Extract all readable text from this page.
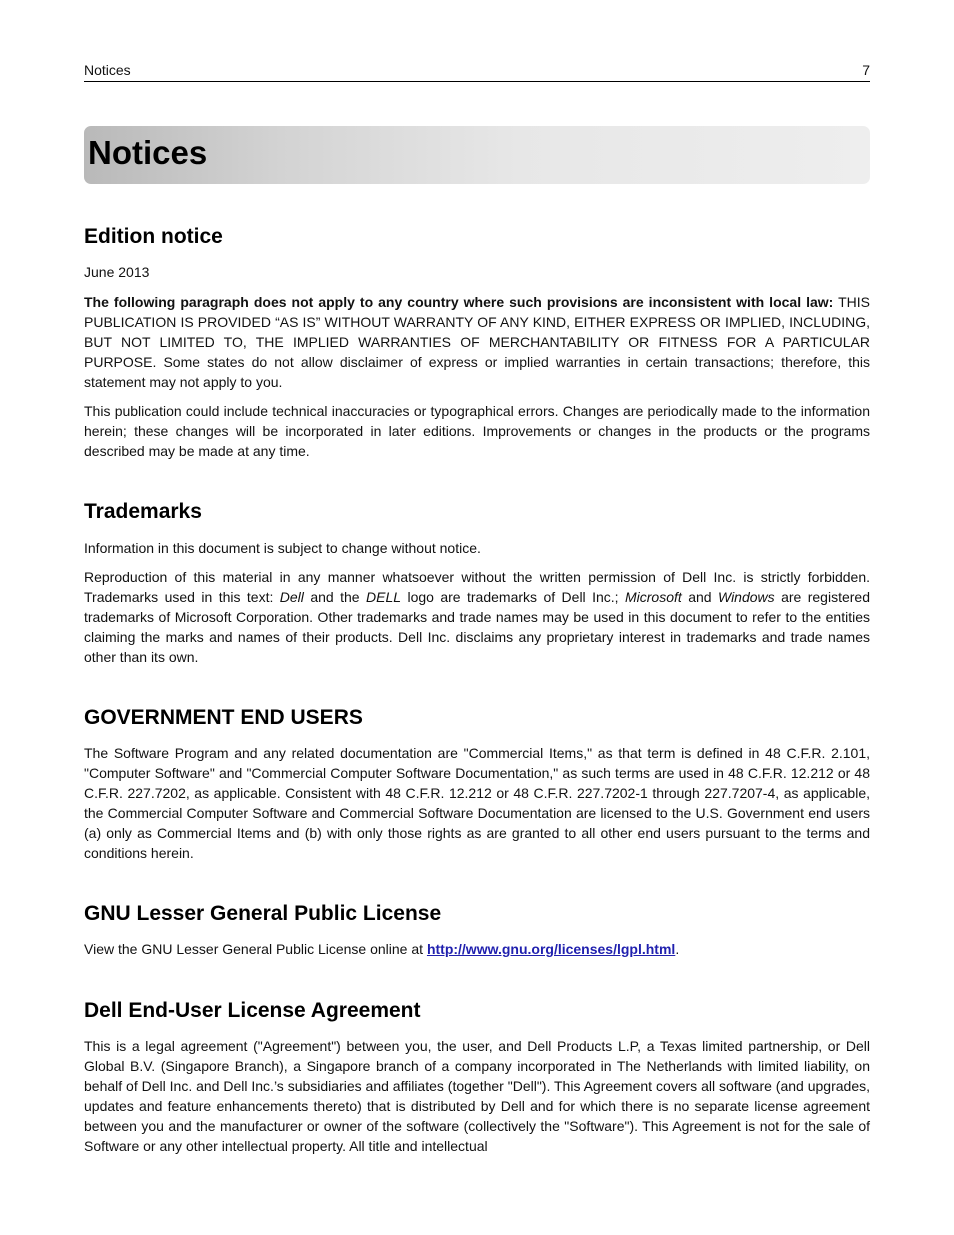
Notices	7
Notices
Edition notice

June 2013

The following paragraph does not apply to any country where such provisions are inconsistent with local law: THIS PUBLICATION IS PROVIDED “AS IS” WITHOUT WARRANTY OF ANY KIND, EITHER EXPRESS OR IMPLIED, INCLUDING, BUT NOT LIMITED TO, THE IMPLIED WARRANTIES OF MERCHANTABILITY OR FITNESS FOR A PARTICULAR PURPOSE. Some states do not allow disclaimer of express or implied warranties in certain transactions; therefore, this statement may not apply to you.

This publication could include technical inaccuracies or typographical errors. Changes are periodically made to the information herein; these changes will be incorporated in later editions. Improvements or changes in the products or the programs described may be made at any time.

Trademarks

Information in this document is subject to change without notice.

Reproduction of this material in any manner whatsoever without the written permission of Dell Inc. is strictly forbidden. Trademarks used in this text: Dell and the DELL logo are trademarks of Dell Inc.; Microsoft and Windows are registered trademarks of Microsoft Corporation. Other trademarks and trade names may be used in this document to refer to the entities claiming the marks and names of their products. Dell Inc. disclaims any proprietary interest in trademarks and trade names other than its own.

GOVERNMENT END USERS

The Software Program and any related documentation are "Commercial Items," as that term is defined in 48 C.F.R. 2.101, "Computer Software" and "Commercial Computer Software Documentation," as such terms are used in 48 C.F.R. 12.212 or 48 C.F.R. 227.7202, as applicable. Consistent with 48 C.F.R. 12.212 or 48 C.F.R. 227.7202-1 through 227.7207-4, as applicable, the Commercial Computer Software and Commercial Software Documentation are licensed to the U.S. Government end users (a) only as Commercial Items and (b) with only those rights as are granted to all other end users pursuant to the terms and conditions herein.

GNU Lesser General Public License

View the GNU Lesser General Public License online at http://www.gnu.org/licenses/lgpl.html.

Dell End-User License Agreement

This is a legal agreement ("Agreement") between you, the user, and Dell Products L.P, a Texas limited partnership, or Dell Global B.V. (Singapore Branch), a Singapore branch of a company incorporated in The Netherlands with limited liability, on behalf of Dell Inc. and Dell Inc.’s subsidiaries and affiliates (together "Dell"). This Agreement covers all software (and upgrades, updates and feature enhancements thereto) that is distributed by Dell and for which there is no separate license agreement between you and the manufacturer or owner of the software (collectively the "Software"). This Agreement is not for the sale of Software or any other intellectual property. All title and intellectual
